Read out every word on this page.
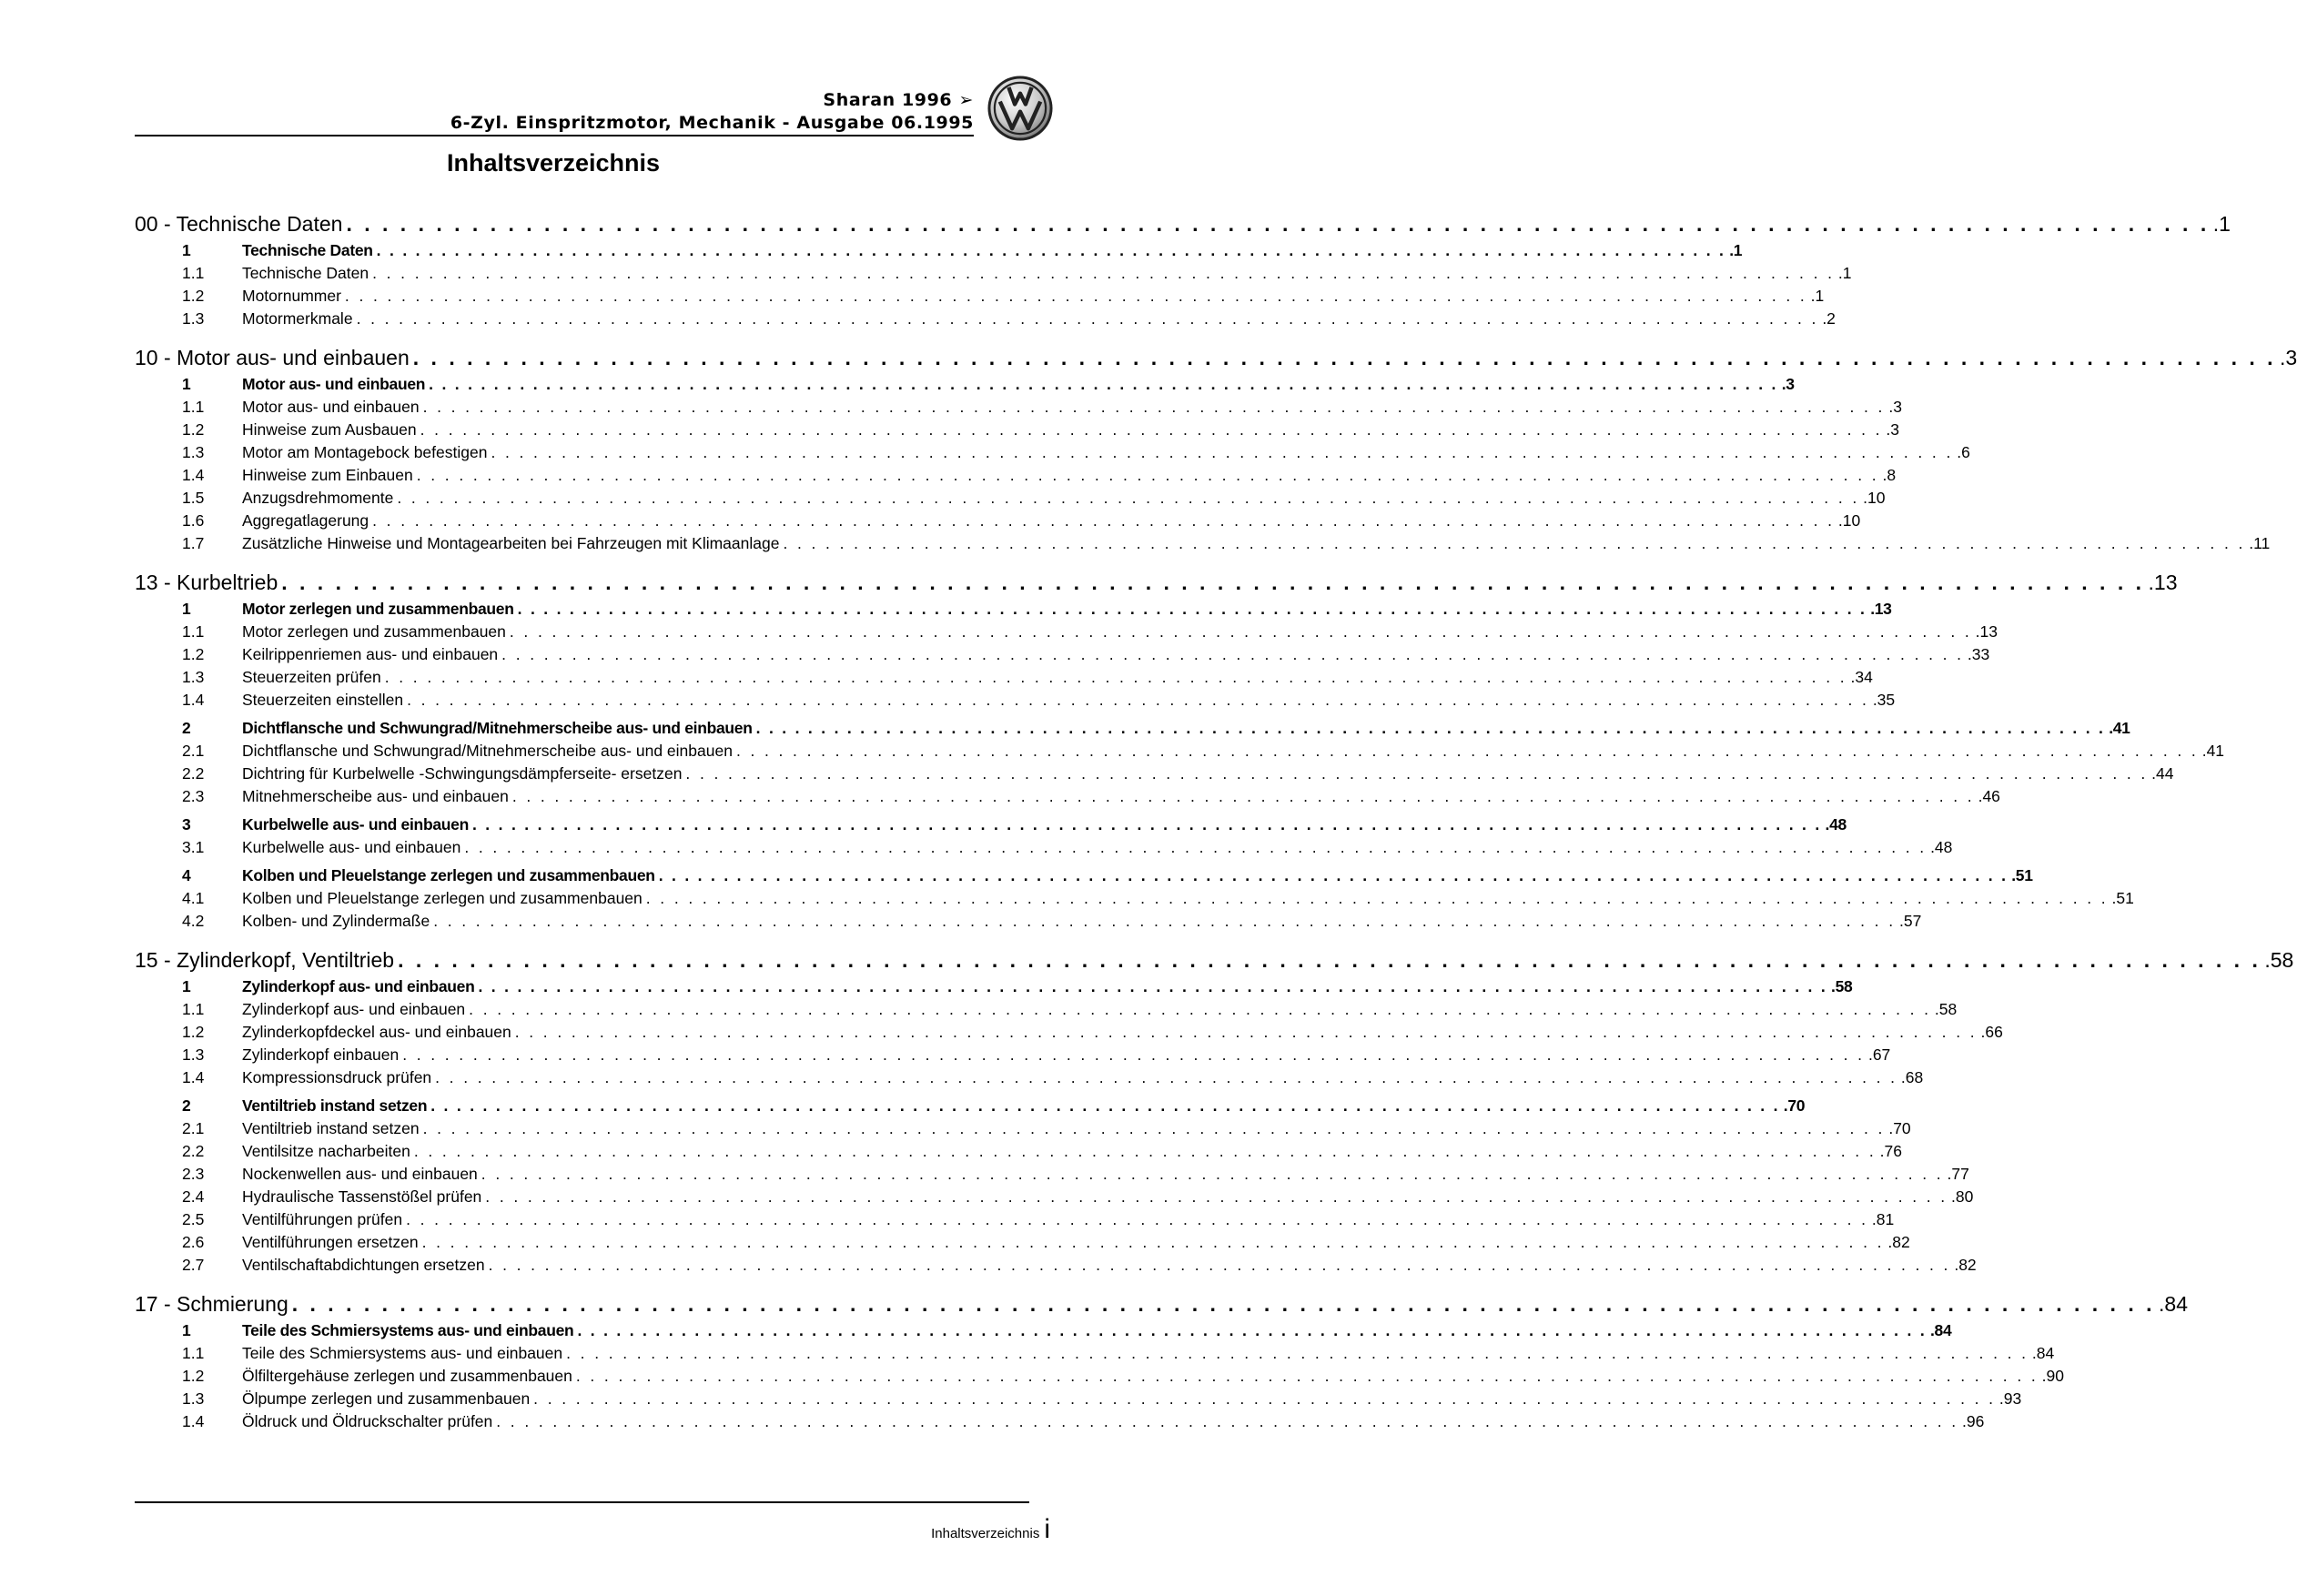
Sharan 1996 ➢
6-Zyl. Einspritzmotor, Mechanik - Ausgabe 06.1995
Inhaltsverzeichnis
00 - Technische Daten . . . . . . . . . . . . . . . . . . . . . . . . . . . . . . . . . . . . . . . . . . . . . . . . . . . . . . . . . . . . . . . . . . . . . . . . . . . . . . . . . . . . . . . . . . . . . . . . . . . . . . . . .1
1	Technische Daten . . . . . . . . . . . . . . . . . . . . . . . . . . . . . . . . . . . . . . . . . . . . . . . . . . . . . . . . . . . . . . . . . . . . . . . . . . . . . . . . . . . . . . . . . . . . . . . . . . . . . . . . .1
1.1	Technische Daten . . . . . . . . . . . . . . . . . . . . . . . . . . . . . . . . . . . . . . . . . . . . . . . . . . . . . . . . . . . . . . . . . . . . . . . . . . . . . . . . . . . . . . . . . . . . . . . . . . . . . . . . .1
1.2	Motornummer . . . . . . . . . . . . . . . . . . . . . . . . . . . . . . . . . . . . . . . . . . . . . . . . . . . . . . . . . . . . . . . . . . . . . . . . . . . . . . . . . . . . . . . . . . . . . . . . . . . . . . . . .1
1.3	Motormerkmale . . . . . . . . . . . . . . . . . . . . . . . . . . . . . . . . . . . . . . . . . . . . . . . . . . . . . . . . . . . . . . . . . . . . . . . . . . . . . . . . . . . . . . . . . . . . . . . . . . . . . . . . .2
10 - Motor aus- und einbauen . . . . . . . . . . . . . . . . . . . . . . . . . . . . . . . . . . . . . . . . . . . . . . . . . . . . . . . . . . . . . . . . . . . . . . . . . . . . . . . . . . . . . . . . . . . . . . . . . . . . . . . . .3
1	Motor aus- und einbauen . . . . . . . . . . . . . . . . . . . . . . . . . . . . . . . . . . . . . . . . . . . . . . . . . . . . . . . . . . . . . . . . . . . . . . . . . . . . . . . . . . . . . . . . . . . . . . . . . . . . . . . . .3
1.1	Motor aus- und einbauen . . . . . . . . . . . . . . . . . . . . . . . . . . . . . . . . . . . . . . . . . . . . . . . . . . . . . . . . . . . . . . . . . . . . . . . . . . . . . . . . . . . . . . . . . . . . . . . . . . . . . . . . .3
1.2	Hinweise zum Ausbauen . . . . . . . . . . . . . . . . . . . . . . . . . . . . . . . . . . . . . . . . . . . . . . . . . . . . . . . . . . . . . . . . . . . . . . . . . . . . . . . . . . . . . . . . . . . . . . . . . . . . . . . . .3
1.3	Motor am Montagebock befestigen . . . . . . . . . . . . . . . . . . . . . . . . . . . . . . . . . . . . . . . . . . . . . . . . . . . . . . . . . . . . . . . . . . . . . . . . . . . . . . . . . . . . . . . . . . . . . . . . . . . . . . . . .6
1.4	Hinweise zum Einbauen . . . . . . . . . . . . . . . . . . . . . . . . . . . . . . . . . . . . . . . . . . . . . . . . . . . . . . . . . . . . . . . . . . . . . . . . . . . . . . . . . . . . . . . . . . . . . . . . . . . . . . . . .8
1.5	Anzugsdrehmomente . . . . . . . . . . . . . . . . . . . . . . . . . . . . . . . . . . . . . . . . . . . . . . . . . . . . . . . . . . . . . . . . . . . . . . . . . . . . . . . . . . . . . . . . . . . . . . . . . . . . . . . . .10
1.6	Aggregatlagerung . . . . . . . . . . . . . . . . . . . . . . . . . . . . . . . . . . . . . . . . . . . . . . . . . . . . . . . . . . . . . . . . . . . . . . . . . . . . . . . . . . . . . . . . . . . . . . . . . . . . . . . . .10
1.7	Zusätzliche Hinweise und Montagearbeiten bei Fahrzeugen mit Klimaanlage . . . . . . . . . . . . . . . . . . . . . . . . . . . . . . . . . . . . . . . . . . . . . . . . . . . . . . . . . . . . . . . . . . . . . . . . . . . . . . . . . . . . . . . . . . . . . . . . . . . . . . . . .11
13 - Kurbeltrieb . . . . . . . . . . . . . . . . . . . . . . . . . . . . . . . . . . . . . . . . . . . . . . . . . . . . . . . . . . . . . . . . . . . . . . . . . . . . . . . . . . . . . . . . . . . . . . . . . . . . . . . . .13
1	Motor zerlegen und zusammenbauen . . . . . . . . . . . . . . . . . . . . . . . . . . . . . . . . . . . . . . . . . . . . . . . . . . . . . . . . . . . . . . . . . . . . . . . . . . . . . . . . . . . . . . . . . . . . . . . . . . . . . . . . .13
1.1	Motor zerlegen und zusammenbauen . . . . . . . . . . . . . . . . . . . . . . . . . . . . . . . . . . . . . . . . . . . . . . . . . . . . . . . . . . . . . . . . . . . . . . . . . . . . . . . . . . . . . . . . . . . . . . . . . . . . . . . . .13
1.2	Keilrippenriemen aus- und einbauen . . . . . . . . . . . . . . . . . . . . . . . . . . . . . . . . . . . . . . . . . . . . . . . . . . . . . . . . . . . . . . . . . . . . . . . . . . . . . . . . . . . . . . . . . . . . . . . . . . . . . . . . .33
1.3	Steuerzeiten prüfen . . . . . . . . . . . . . . . . . . . . . . . . . . . . . . . . . . . . . . . . . . . . . . . . . . . . . . . . . . . . . . . . . . . . . . . . . . . . . . . . . . . . . . . . . . . . . . . . . . . . . . . . .34
1.4	Steuerzeiten einstellen . . . . . . . . . . . . . . . . . . . . . . . . . . . . . . . . . . . . . . . . . . . . . . . . . . . . . . . . . . . . . . . . . . . . . . . . . . . . . . . . . . . . . . . . . . . . . . . . . . . . . . . . .35
2	Dichtflansche und Schwungrad/Mitnehmerscheibe aus- und einbauen . . . . . . . . . . . . . . . . . . . . . . . . . . . . . . . . . . . . . . . . . . . . . . . . . . . . . . . . . . . . . . . . . . . . . . . . . . . . . . . . . . . . . . . . . . . . . . . . . . . . . . . . .41
2.1	Dichtflansche und Schwungrad/Mitnehmerscheibe aus- und einbauen . . . . . . . . . . . . . . . . . . . . . . . . . . . . . . . . . . . . . . . . . . . . . . . . . . . . . . . . . . . . . . . . . . . . . . . . . . . . . . . . . . . . . . . . . . . . . . . . . . . . . . . . .41
2.2	Dichtring für Kurbelwelle -Schwingungsdämpferseite- ersetzen . . . . . . . . . . . . . . . . . . . . . . . . . . . . . . . . . . . . . . . . . . . . . . . . . . . . . . . . . . . . . . . . . . . . . . . . . . . . . . . . . . . . . . . . . . . . . . . . . . . . . . . . .44
2.3	Mitnehmerscheibe aus- und einbauen . . . . . . . . . . . . . . . . . . . . . . . . . . . . . . . . . . . . . . . . . . . . . . . . . . . . . . . . . . . . . . . . . . . . . . . . . . . . . . . . . . . . . . . . . . . . . . . . . . . . . . . . .46
3	Kurbelwelle aus- und einbauen . . . . . . . . . . . . . . . . . . . . . . . . . . . . . . . . . . . . . . . . . . . . . . . . . . . . . . . . . . . . . . . . . . . . . . . . . . . . . . . . . . . . . . . . . . . . . . . . . . . . . . . . .48
3.1	Kurbelwelle aus- und einbauen . . . . . . . . . . . . . . . . . . . . . . . . . . . . . . . . . . . . . . . . . . . . . . . . . . . . . . . . . . . . . . . . . . . . . . . . . . . . . . . . . . . . . . . . . . . . . . . . . . . . . . . . .48
4	Kolben und Pleuelstange zerlegen und zusammenbauen . . . . . . . . . . . . . . . . . . . . . . . . . . . . . . . . . . . . . . . . . . . . . . . . . . . . . . . . . . . . . . . . . . . . . . . . . . . . . . . . . . . . . . . . . . . . . . . . . . . . . . . . .51
4.1	Kolben und Pleuelstange zerlegen und zusammenbauen . . . . . . . . . . . . . . . . . . . . . . . . . . . . . . . . . . . . . . . . . . . . . . . . . . . . . . . . . . . . . . . . . . . . . . . . . . . . . . . . . . . . . . . . . . . . . . . . . . . . . . . . .51
4.2	Kolben- und Zylindermaße . . . . . . . . . . . . . . . . . . . . . . . . . . . . . . . . . . . . . . . . . . . . . . . . . . . . . . . . . . . . . . . . . . . . . . . . . . . . . . . . . . . . . . . . . . . . . . . . . . . . . . . . .57
15 - Zylinderkopf, Ventiltrieb . . . . . . . . . . . . . . . . . . . . . . . . . . . . . . . . . . . . . . . . . . . . . . . . . . . . . . . . . . . . . . . . . . . . . . . . . . . . . . . . . . . . . . . . . . . . . . . . . . . . . . . . .58
1	Zylinderkopf aus- und einbauen . . . . . . . . . . . . . . . . . . . . . . . . . . . . . . . . . . . . . . . . . . . . . . . . . . . . . . . . . . . . . . . . . . . . . . . . . . . . . . . . . . . . . . . . . . . . . . . . . . . . . . . . .58
1.1	Zylinderkopf aus- und einbauen . . . . . . . . . . . . . . . . . . . . . . . . . . . . . . . . . . . . . . . . . . . . . . . . . . . . . . . . . . . . . . . . . . . . . . . . . . . . . . . . . . . . . . . . . . . . . . . . . . . . . . . . .58
1.2	Zylinderkopfdeckel aus- und einbauen . . . . . . . . . . . . . . . . . . . . . . . . . . . . . . . . . . . . . . . . . . . . . . . . . . . . . . . . . . . . . . . . . . . . . . . . . . . . . . . . . . . . . . . . . . . . . . . . . . . . . . . . .66
1.3	Zylinderkopf einbauen . . . . . . . . . . . . . . . . . . . . . . . . . . . . . . . . . . . . . . . . . . . . . . . . . . . . . . . . . . . . . . . . . . . . . . . . . . . . . . . . . . . . . . . . . . . . . . . . . . . . . . . . .67
1.4	Kompressionsdruck prüfen . . . . . . . . . . . . . . . . . . . . . . . . . . . . . . . . . . . . . . . . . . . . . . . . . . . . . . . . . . . . . . . . . . . . . . . . . . . . . . . . . . . . . . . . . . . . . . . . . . . . . . . . .68
2	Ventiltrieb instand setzen . . . . . . . . . . . . . . . . . . . . . . . . . . . . . . . . . . . . . . . . . . . . . . . . . . . . . . . . . . . . . . . . . . . . . . . . . . . . . . . . . . . . . . . . . . . . . . . . . . . . . . . . .70
2.1	Ventiltrieb instand setzen . . . . . . . . . . . . . . . . . . . . . . . . . . . . . . . . . . . . . . . . . . . . . . . . . . . . . . . . . . . . . . . . . . . . . . . . . . . . . . . . . . . . . . . . . . . . . . . . . . . . . . . . .70
2.2	Ventilsitze nacharbeiten . . . . . . . . . . . . . . . . . . . . . . . . . . . . . . . . . . . . . . . . . . . . . . . . . . . . . . . . . . . . . . . . . . . . . . . . . . . . . . . . . . . . . . . . . . . . . . . . . . . . . . . . .76
2.3	Nockenwellen aus- und einbauen . . . . . . . . . . . . . . . . . . . . . . . . . . . . . . . . . . . . . . . . . . . . . . . . . . . . . . . . . . . . . . . . . . . . . . . . . . . . . . . . . . . . . . . . . . . . . . . . . . . . . . . . .77
2.4	Hydraulische Tassenstößel prüfen . . . . . . . . . . . . . . . . . . . . . . . . . . . . . . . . . . . . . . . . . . . . . . . . . . . . . . . . . . . . . . . . . . . . . . . . . . . . . . . . . . . . . . . . . . . . . . . . . . . . . . . . .80
2.5	Ventilführungen prüfen . . . . . . . . . . . . . . . . . . . . . . . . . . . . . . . . . . . . . . . . . . . . . . . . . . . . . . . . . . . . . . . . . . . . . . . . . . . . . . . . . . . . . . . . . . . . . . . . . . . . . . . . .81
2.6	Ventilführungen ersetzen . . . . . . . . . . . . . . . . . . . . . . . . . . . . . . . . . . . . . . . . . . . . . . . . . . . . . . . . . . . . . . . . . . . . . . . . . . . . . . . . . . . . . . . . . . . . . . . . . . . . . . . . .82
2.7	Ventilschaftabdichtungen ersetzen . . . . . . . . . . . . . . . . . . . . . . . . . . . . . . . . . . . . . . . . . . . . . . . . . . . . . . . . . . . . . . . . . . . . . . . . . . . . . . . . . . . . . . . . . . . . . . . . . . . . . . . . .82
17 - Schmierung . . . . . . . . . . . . . . . . . . . . . . . . . . . . . . . . . . . . . . . . . . . . . . . . . . . . . . . . . . . . . . . . . . . . . . . . . . . . . . . . . . . . . . . . . . . . . . . . . . . . . . . . .84
1	Teile des Schmiersystems aus- und einbauen . . . . . . . . . . . . . . . . . . . . . . . . . . . . . . . . . . . . . . . . . . . . . . . . . . . . . . . . . . . . . . . . . . . . . . . . . . . . . . . . . . . . . . . . . . . . . . . . . . . . . . . . .84
1.1	Teile des Schmiersystems aus- und einbauen . . . . . . . . . . . . . . . . . . . . . . . . . . . . . . . . . . . . . . . . . . . . . . . . . . . . . . . . . . . . . . . . . . . . . . . . . . . . . . . . . . . . . . . . . . . . . . . . . . . . . . . . .84
1.2	Ölfiltergehäuse zerlegen und zusammenbauen . . . . . . . . . . . . . . . . . . . . . . . . . . . . . . . . . . . . . . . . . . . . . . . . . . . . . . . . . . . . . . . . . . . . . . . . . . . . . . . . . . . . . . . . . . . . . . . . . . . . . . . . .90
1.3	Ölpumpe zerlegen und zusammenbauen . . . . . . . . . . . . . . . . . . . . . . . . . . . . . . . . . . . . . . . . . . . . . . . . . . . . . . . . . . . . . . . . . . . . . . . . . . . . . . . . . . . . . . . . . . . . . . . . . . . . . . . . .93
1.4	Öldruck und Öldruckschalter prüfen . . . . . . . . . . . . . . . . . . . . . . . . . . . . . . . . . . . . . . . . . . . . . . . . . . . . . . . . . . . . . . . . . . . . . . . . . . . . . . . . . . . . . . . . . . . . . . . . . . . . . . . . .96
Inhaltsverzeichnis i
